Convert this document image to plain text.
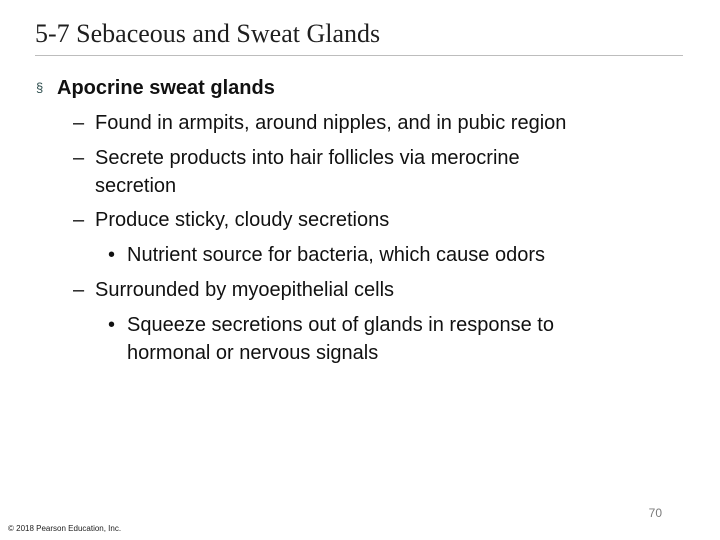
5-7 Sebaceous and Sweat Glands
§ Apocrine sweat glands
– Found in armpits, around nipples, and in pubic region
– Secrete products into hair follicles via merocrine
secretion
– Produce sticky, cloudy secretions
• Nutrient source for bacteria, which cause odors
– Surrounded by myoepithelial cells
• Squeeze secretions out of glands in response to
hormonal or nervous signals
70
© 2018 Pearson Education, Inc.
